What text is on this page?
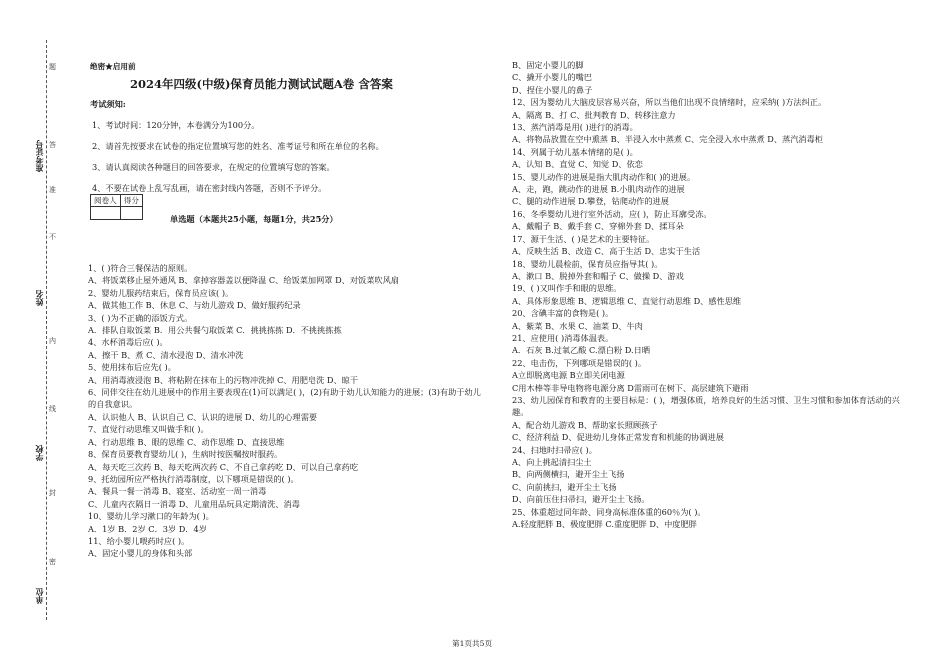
准考证号
姓名
学校
单位
题
答
准
不
内
线
封
密
绝密★启用前
2024年四级(中级)保育员能力测试试题A卷 含答案
考试须知:
1、考试时间：120分钟，本卷满分为100分。
2、请首先按要求在试卷的指定位置填写您的姓名、准考证号和所在单位的名称。
3、请认真阅读各种题目的回答要求，在规定的位置填写您的答案。
4、不要在试卷上乱写乱画，请在密封线内答题，否则不予评分。
阅卷人	得分

单选题（本题共25小题，每题1分，共25分）
1、( )符合三餐保洁的原则。
A、将饭菜移止屋外通风 B、拿掉容器盖以便降温 C、给饭菜加网罩 D、对饭菜吹风扇
2、婴幼儿服药结束后，保育员应该( )。
A、做其他工作 B、休息 C、与幼儿游戏 D、做好服药纪录
3、( )为不正确的添饭方式。
A．排队自取饭菜 B．用公共餐勺取饭菜 C．挑挑拣拣 D．不挑挑拣拣
4、水杯消毒后应( )。
A、擦干 B、煮 C、清水浸泡 D、清水冲洗
5、使用抹布后应先( )。
A、用消毒液浸泡 B、将粘附在抹布上的污物冲洗掉 C、用肥皂洗 D、晾干
6、同伴交往在幼儿进展中的作用主要表现在(1)可以满足( )，(2)有助于幼儿认知能力的进展；(3)有助于幼儿的自我意识。
A、认识他人 B、认识自己 C、认识的进展 D、幼儿的心理需要
7、直觉行动思维又叫做手和( )。
A、行动思维 B、眼的思维 C、动作思维 D、直接思维
8、保育员要教育婴幼儿( )，生病时按医嘱按时服药。
A、每天吃三次药 B、每天吃两次药 C、不自己拿药吃 D、可以自己拿药吃
9、托幼园所应严格执行消毒制度，以下哪项是错误的( )。
A、餐具一餐一消毒 B、寝室、活动室一周一消毒
C、儿童内衣隔日一消毒 D、儿童用品玩具定期清洗、消毒
10、婴幼儿学习漱口的年龄为( )。
A．1岁 B．2岁 C．3岁 D．4岁
11、给小婴儿喂药时应( )。
A、固定小婴儿的身体和头部
B、固定小婴儿的脚
C、撬开小婴儿的嘴巴
D、捏住小婴儿的鼻子
12、因为婴幼儿大脑皮层容易兴奋，所以当他们出现不良情绪时，应采纳( )方法纠正。
A、隔离 B、打 C、批判教育 D、转移注意力
13、蒸汽消毒是用( )进行的消毒。
A、将物品放置在空中熏蒸 B、半浸入水中蒸煮 C、完全浸入水中蒸煮 D、蒸汽消毒柜
14、列属于幼儿基本情绪的是( )。
A、认知 B、直觉 C、知觉 D、依恋
15、婴儿动作的进展是指大肌肉动作和( )的进展。
A、走，跑，跳动作的进展 B.小肌肉动作的进展
C、腿的动作进展 D.攀登，钻爬动作的进展
16、冬季婴幼儿进行室外活动，应( )，防止耳廓受冻。
A、戴帽子 B、戴手套 C、穿棉外套 D、揉耳朵
17、源于生活、( )是艺术的主要特征。
A、反映生活 B、改造 C、高于生活 D、忠实于生活
18、婴幼儿晨检前，保育员应指导其( )。
A、漱口 B、脱掉外套和帽子 C、做操 D、游戏
19、( )又叫作手和眼的思维。
A、具体形象思维 B、逻辑思维 C、直觉行动思维 D、感性思维
20、含碘丰富的食物是( )。
A、紫菜 B、水果 C、油菜 D、牛肉
21、应使用( )消毒体温表。
A．石灰 B.过氧乙酸 C.漂白粉 D.日晒
22、电击伤，下列哪项是错误的( )。
A立即脱离电源 B立即关闭电源
C用木棒等非导电物将电源分离 D雷雨可在树下、高层建筑下避雨
23、幼儿园保育和教育的主要目标是：( )，增强体质，培养良好的生活习惯、卫生习惯和参加体育活动的兴趣。
A、配合幼儿游戏 B、帮助家长照顾孩子
C、经济利益 D、促进幼儿身体正常发育和机能的协调进展
24、扫地时扫帚应( )。
A、向上挑起清扫尘土
B、向两侧横扫，避开尘土飞扬
C、向前挑扫，避开尘土飞扬
D、向前压住扫帚扫，避开尘土飞扬。
25、体重超过同年龄、同身高标准体重的60％为( )。
A.轻度肥胖 B、极度肥胖 C.重度肥胖 D、中度肥胖
第1页共5页
